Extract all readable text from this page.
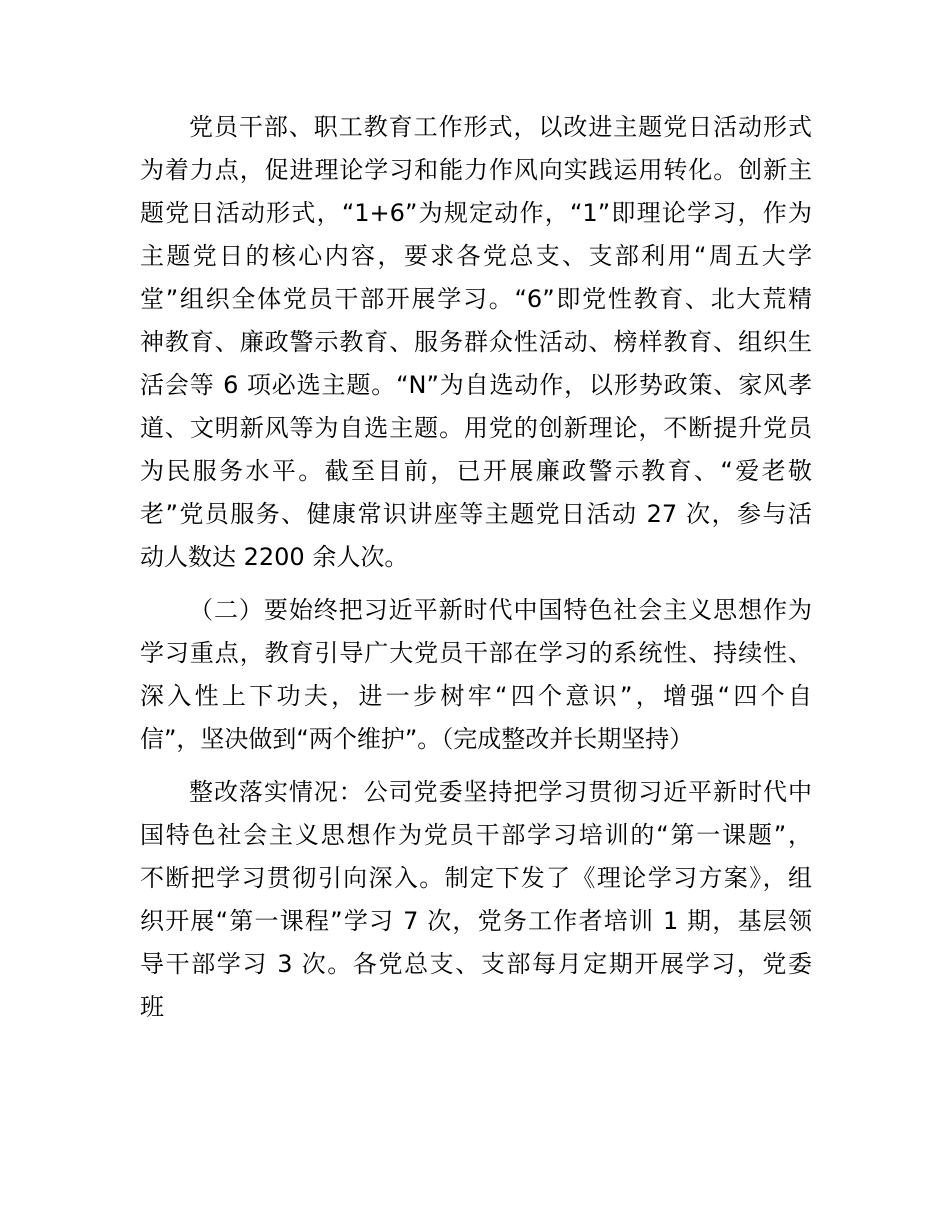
党员干部、职工教育工作形式，以改进主题党日活动形式
为着力点，促进理论学习和能力作风向实践运用转化。创新主
题党日活动形式，“1+6”为规定动作，“1”即理论学习，作为
主题党日的核心内容，要求各党总支、支部利用“周五大学
堂”组织全体党员干部开展学习。“6”即党性教育、北大荒精
神教育、廉政警示教育、服务群众性活动、榜样教育、组织生
活会等 6 项必选主题。“N”为自选动作，以形势政策、家风孝
道、文明新风等为自选主题。用党的创新理论，不断提升党员
为民服务水平。截至目前，已开展廉政警示教育、“爱老敬
老”党员服务、健康常识讲座等主题党日活动 27 次，参与活
动人数达 2200 余人次。
（二）要始终把习近平新时代中国特色社会主义思想作为
学习重点，教育引导广大党员干部在学习的系统性、持续性、
深入性上下功夫，进一步树牢“四个意识”，增强“四个自
信”，坚决做到“两个维护”。（完成整改并长期坚持）
整改落实情况：公司党委坚持把学习贯彻习近平新时代中
国特色社会主义思想作为党员干部学习培训的“第一课题”，
不断把学习贯彻引向深入。制定下发了《理论学习方案》，组
织开展“第一课程”学习 7 次，党务工作者培训 1 期，基层领
导干部学习 3 次。各党总支、支部每月定期开展学习，党委
班
